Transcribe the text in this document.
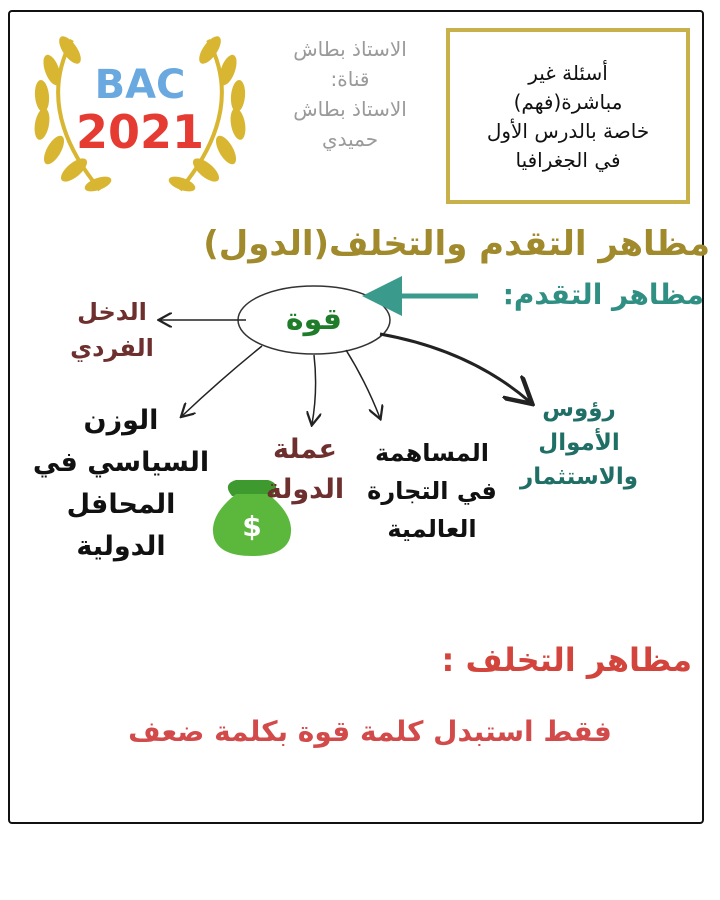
BAC
2021
$
الاستاذ بطاش
قناة:
الاستاذ بطاش
حميدي
أسئلة غير
مباشرة(فهم)
خاصة بالدرس الأول
في الجغرافيا
مظاهر التقدم والتخلف(الدول)
مظاهر التقدم:
قوة
الدخل
الفردي
الوزن
السياسي في
المحافل
الدولية
عملة
الدولة
المساهمة
في التجارة
العالمية
رؤوس
الأموال
والاستثمار
مظاهر التخلف :
فقط استبدل كلمة قوة بكلمة ضعف
